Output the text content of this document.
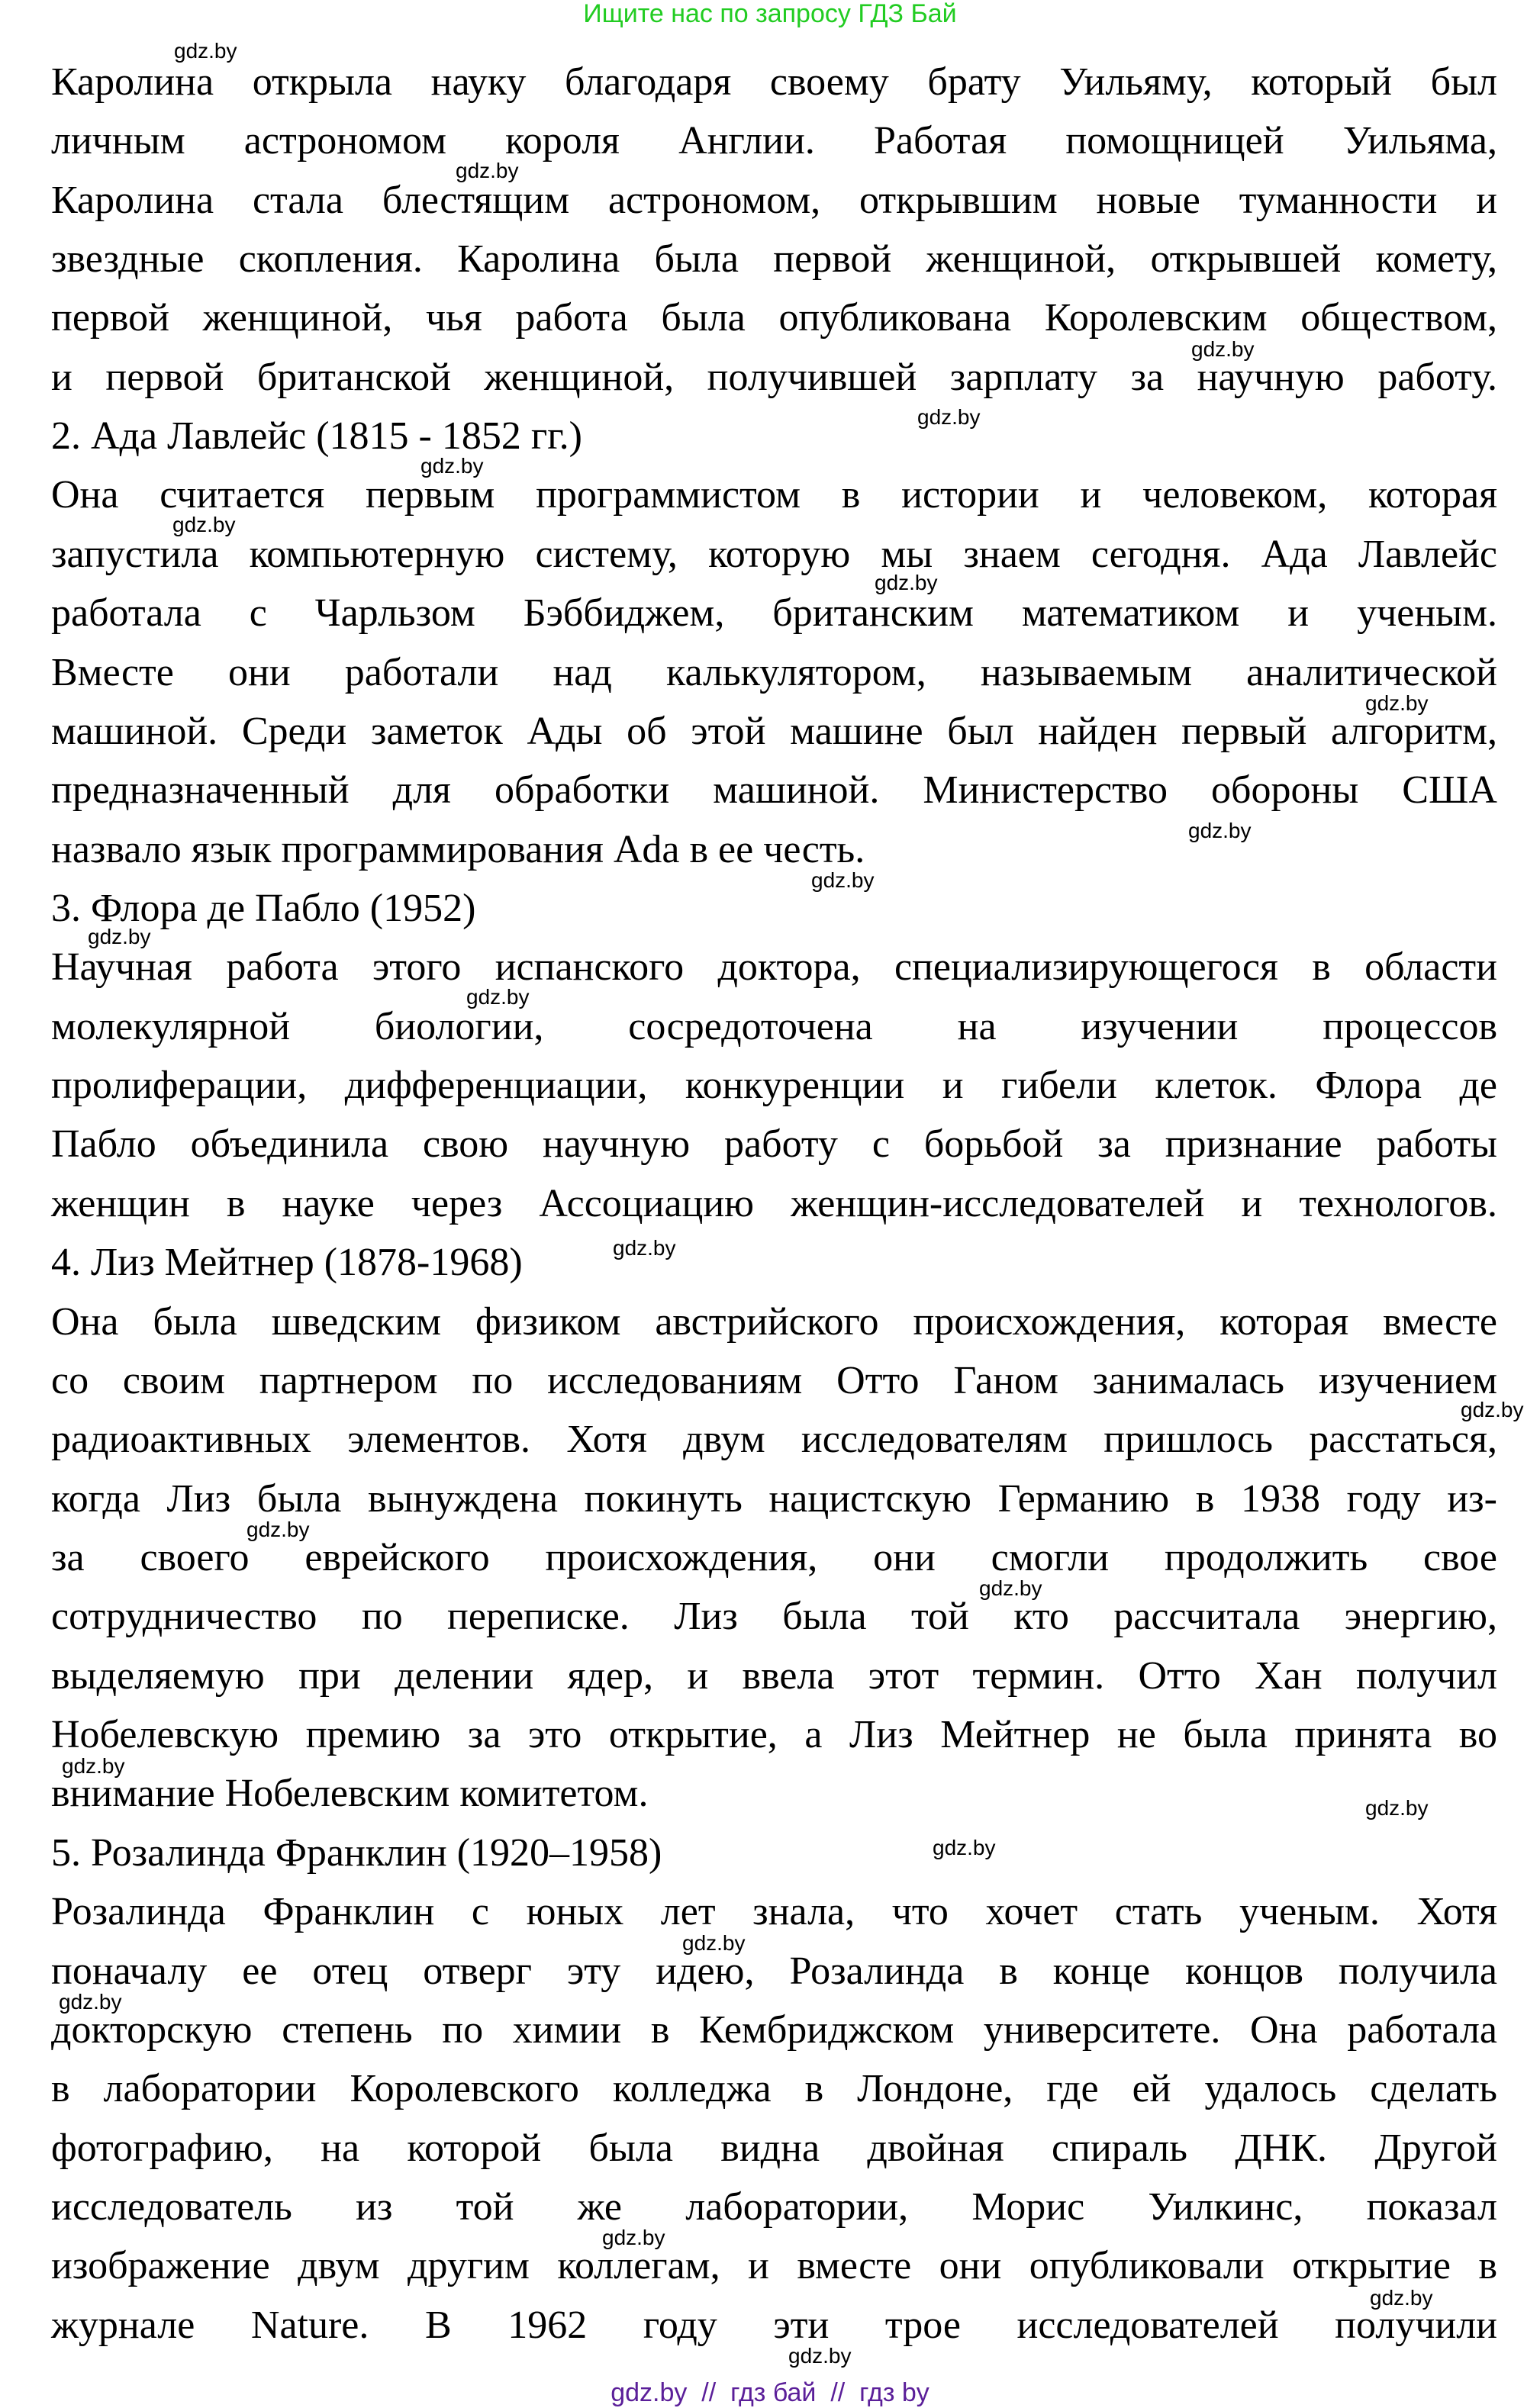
Ищите нас по запросу ГДЗ Бай
Каролина открыла науку благодаря своему брату Уильяму, который был
личным астрономом короля Англии. Работая помощницей Уильяма,
Каролина стала блестящим астрономом, открывшим новые туманности и
звездные скопления. Каролина была первой женщиной, открывшей комету,
первой женщиной, чья работа была опубликована Королевским обществом,
и первой британской женщиной, получившей зарплату за научную работу.
2. Ада Лавлейс (1815 - 1852 гг.)
Она считается первым программистом в истории и человеком, которая
запустила компьютерную систему, которую мы знаем сегодня. Ада Лавлейс
работала с Чарльзом Бэббиджем, британским математиком и ученым.
Вместе они работали над калькулятором, называемым аналитической
машиной. Среди заметок Ады об этой машине был найден первый алгоритм,
предназначенный для обработки машиной. Министерство обороны США
назвало язык программирования Ada в ее честь.
3. Флора де Пабло (1952)
Научная работа этого испанского доктора, специализирующегося в области
молекулярной биологии, сосредоточена на изучении процессов
пролиферации, дифференциации, конкуренции и гибели клеток. Флора де
Пабло объединила свою научную работу с борьбой за признание работы
женщин в науке через Ассоциацию женщин-исследователей и технологов.
4. Лиз Мейтнер (1878-1968)
Она была шведским физиком австрийского происхождения, которая вместе
со своим партнером по исследованиям Отто Ганом занималась изучением
радиоактивных элементов. Хотя двум исследователям пришлось расстаться,
когда Лиз была вынуждена покинуть нацистскую Германию в 1938 году из-
за своего еврейского происхождения, они смогли продолжить свое
сотрудничество по переписке. Лиз была той кто рассчитала энергию,
выделяемую при делении ядер, и ввела этот термин. Отто Хан получил
Нобелевскую премию за это открытие, а Лиз Мейтнер не была принята во
внимание Нобелевским комитетом.
5. Розалинда Франклин (1920–1958)
Розалинда Франклин с юных лет знала, что хочет стать ученым. Хотя
поначалу ее отец отверг эту идею, Розалинда в конце концов получила
докторскую степень по химии в Кембриджском университете. Она работала
в лаборатории Королевского колледжа в Лондоне, где ей удалось сделать
фотографию, на которой была видна двойная спираль ДНК. Другой
исследователь из той же лаборатории, Морис Уилкинс, показал
изображение двум другим коллегам, и вместе они опубликовали открытие в
журнале Nature. В 1962 году эти трое исследователей получили
gdz.by
gdz.by
gdz.by
gdz.by
gdz.by
gdz.by
gdz.by
gdz.by
gdz.by
gdz.by
gdz.by
gdz.by
gdz.by
gdz.by
gdz.by
gdz.by
gdz.by
gdz.by
gdz.by
gdz.by
gdz.by
gdz.by
gdz.by
gdz.by
gdz.by  //  гдз бай  //  гдз by
